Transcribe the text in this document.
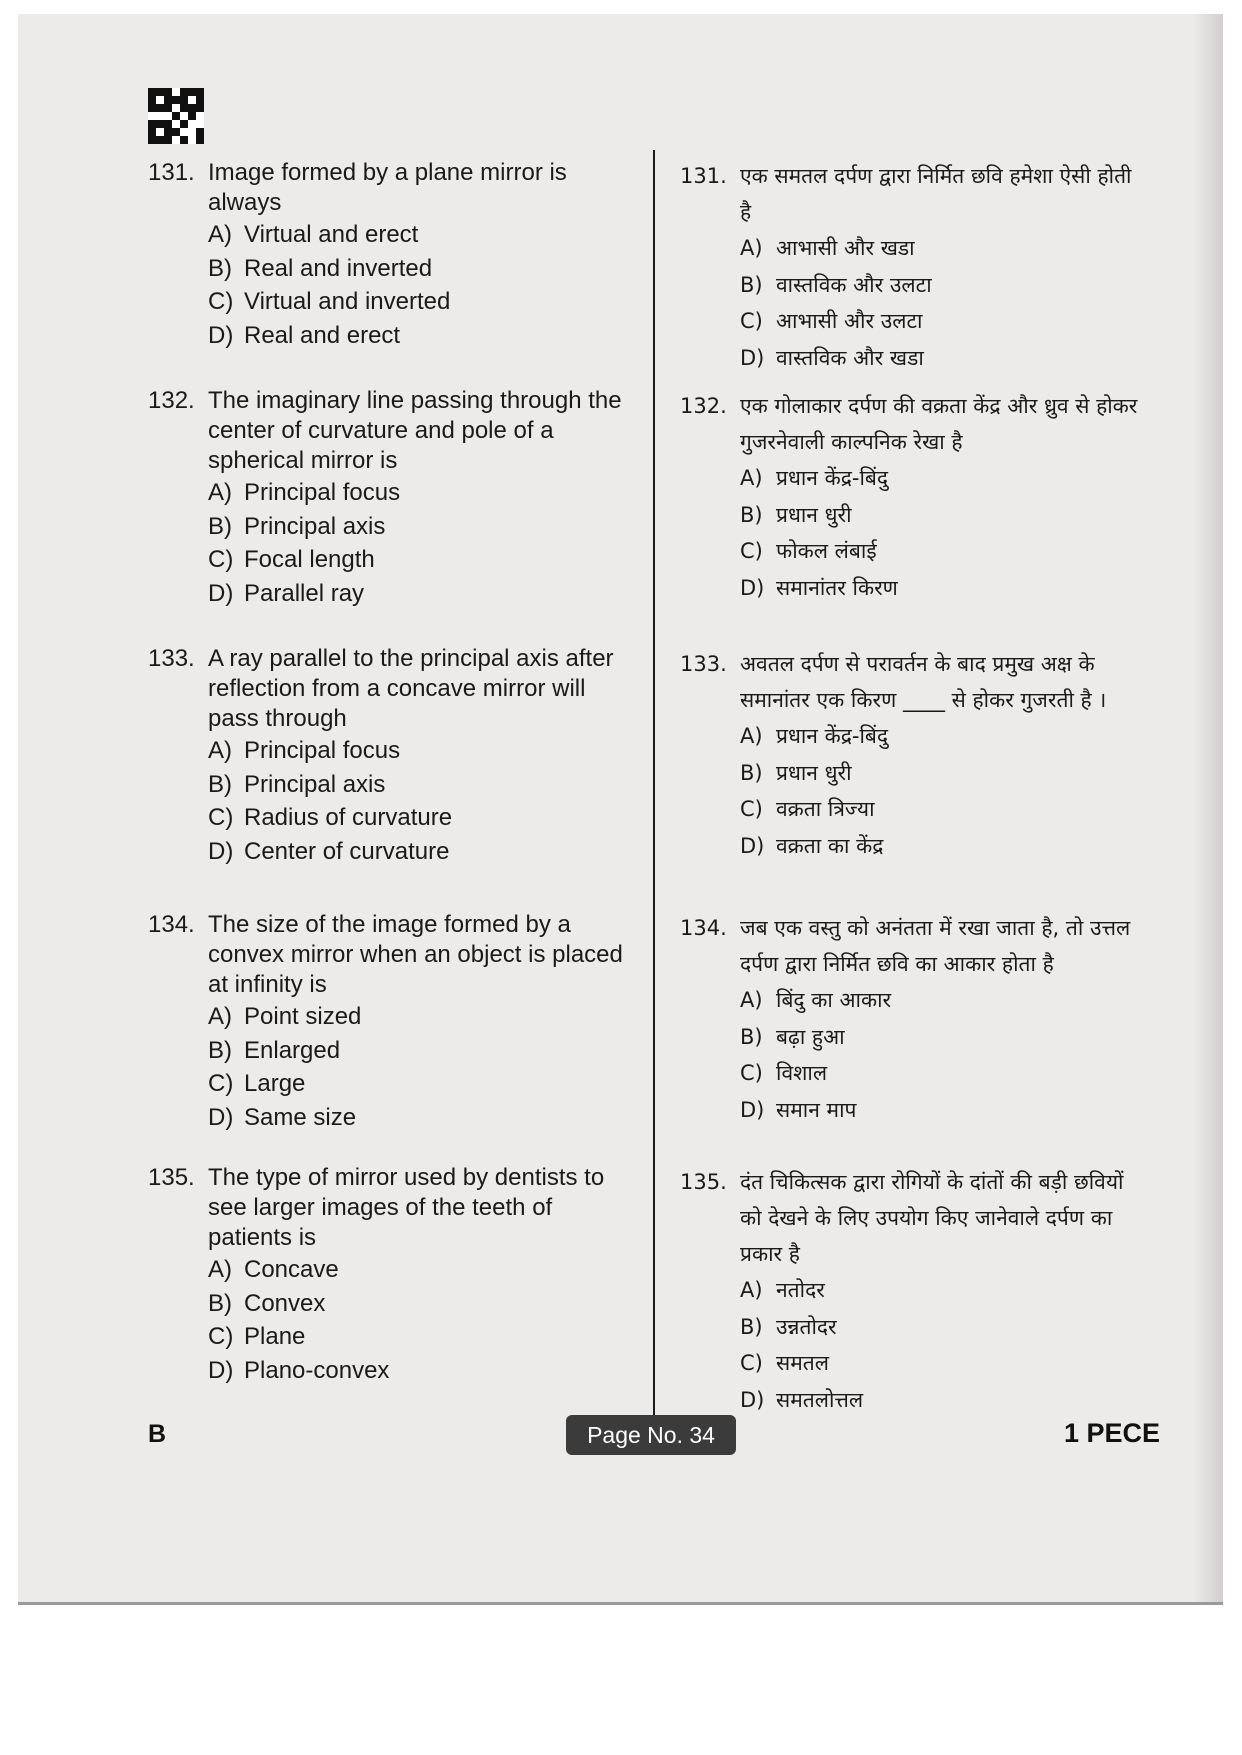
131. Image formed by a plane mirror is always
A) Virtual and erect
B) Real and inverted
C) Virtual and inverted
D) Real and erect
132. The imaginary line passing through the center of curvature and pole of a spherical mirror is
A) Principal focus
B) Principal axis
C) Focal length
D) Parallel ray
133. A ray parallel to the principal axis after reflection from a concave mirror will pass through
A) Principal focus
B) Principal axis
C) Radius of curvature
D) Center of curvature
134. The size of the image formed by a convex mirror when an object is placed at infinity is
A) Point sized
B) Enlarged
C) Large
D) Same size
135. The type of mirror used by dentists to see larger images of the teeth of patients is
A) Concave
B) Convex
C) Plane
D) Plano-convex
131. एक समतल दर्पण द्वारा निर्मित छवि हमेशा ऐसी होती है
A) आभासी और खडा
B) वास्तविक और उलटा
C) आभासी और उलटा
D) वास्तविक और खडा
132. एक गोलाकार दर्पण की वक्रता केंद्र और ध्रुव से होकर गुजरनेवाली काल्पनिक रेखा है
A) प्रधान केंद्र-बिंदु
B) प्रधान धुरी
C) फोकल लंबाई
D) समानांतर किरण
133. अवतल दर्पण से परावर्तन के बाद प्रमुख अक्ष के समानांतर एक किरण ____ से होकर गुजरती है ।
A) प्रधान केंद्र-बिंदु
B) प्रधान धुरी
C) वक्रता त्रिज्या
D) वक्रता का केंद्र
134. जब एक वस्तु को अनंतता में रखा जाता है, तो उत्तल दर्पण द्वारा निर्मित छवि का आकार होता है
A) बिंदु का आकार
B) बढ़ा हुआ
C) विशाल
D) समान माप
135. दंत चिकित्सक द्वारा रोगियों के दांतों की बड़ी छवियों को देखने के लिए उपयोग किए जानेवाले दर्पण का प्रकार है
A) नतोदर
B) उन्नतोदर
C) समतल
D) समतलोत्तल
B	Page No. 34	1 PECE
